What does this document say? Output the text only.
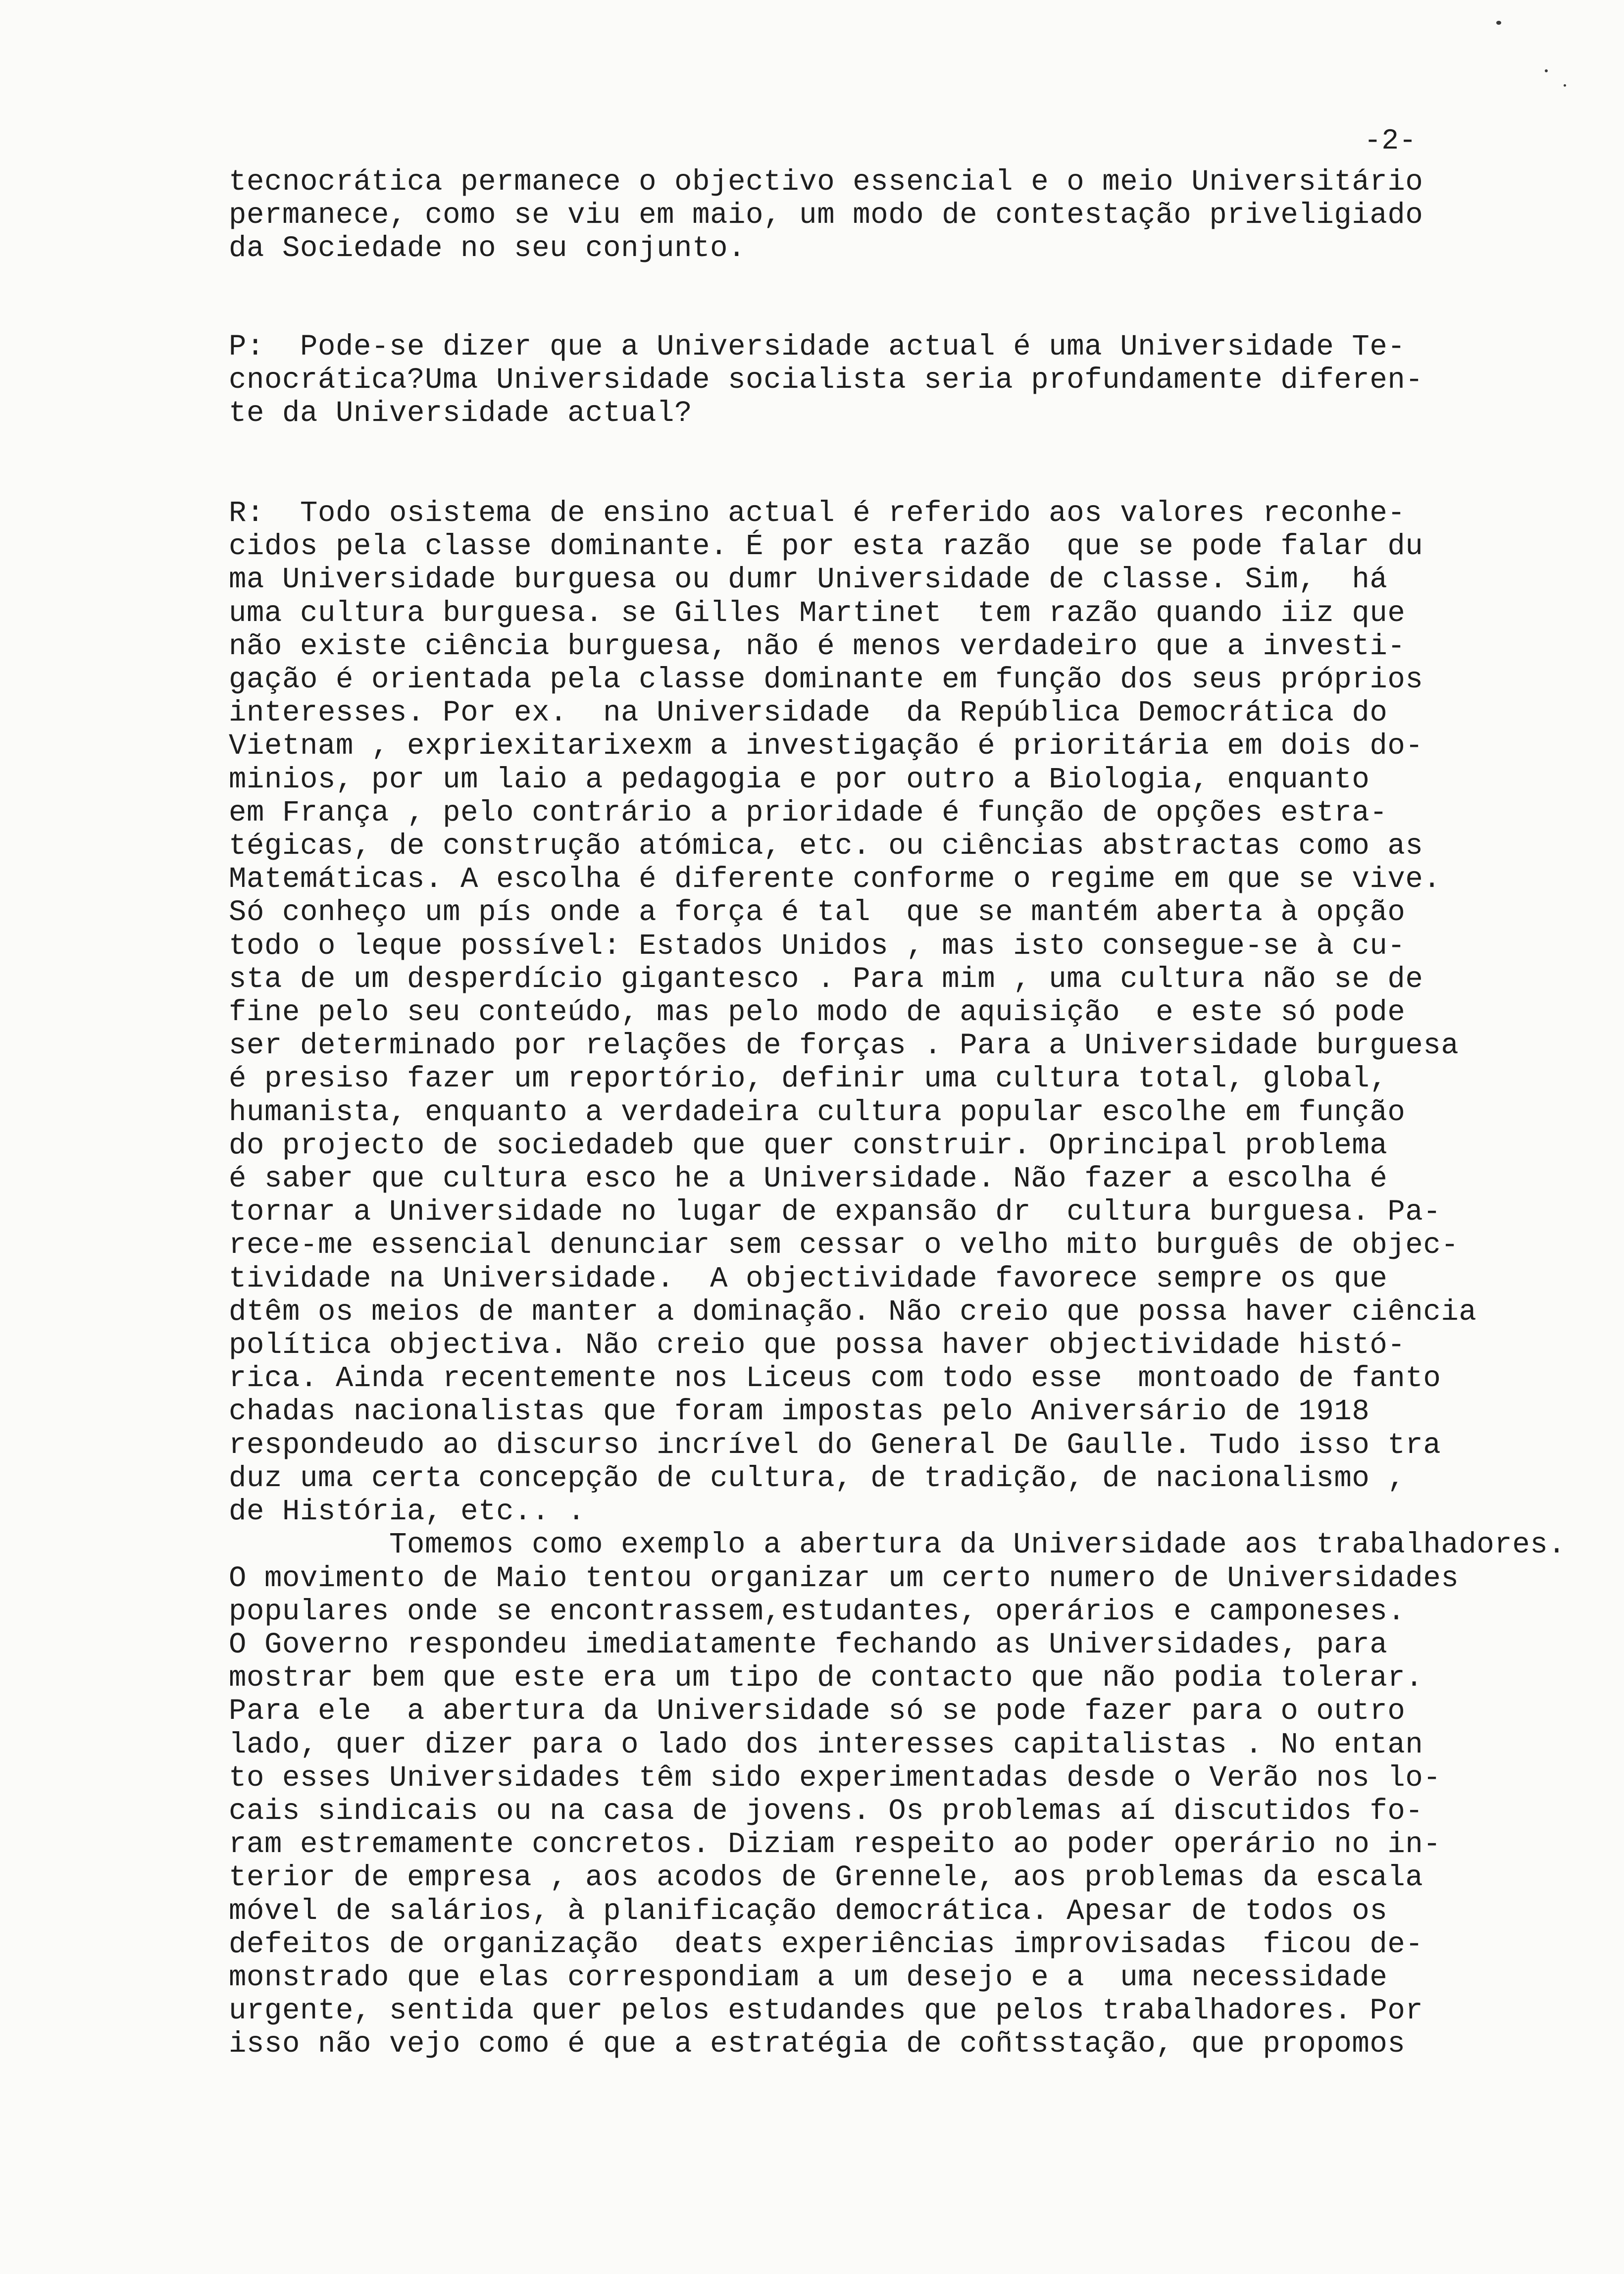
-2-
tecnocrática permanece o objectivo essencial e o meio Universitário
permanece, como se viu em maio, um modo de contestação priveligiado
da Sociedade no seu conjunto.
P:  Pode-se dizer que a Universidade actual é uma Universidade Te-
cnocrática?Uma Universidade socialista seria profundamente diferen-
te da Universidade actual?
R:  Todo osistema de ensino actual é referido aos valores reconhe-
cidos pela classe dominante. É por esta razão  que se pode falar du
ma Universidade burguesa ou dumr Universidade de classe. Sim,  há
uma cultura burguesa. se Gilles Martinet  tem razão quando iiz que
não existe ciência burguesa, não é menos verdadeiro que a investi-
gação é orientada pela classe dominante em função dos seus próprios
interesses. Por ex.  na Universidade  da República Democrática do
Vietnam , expriexitarixexm a investigação é prioritária em dois do-
minios, por um laio a pedagogia e por outro a Biologia, enquanto
em França , pelo contrário a prioridade é função de opções estra-
tégicas, de construção atómica, etc. ou ciências abstractas como as
Matemáticas. A escolha é diferente conforme o regime em que se vive.
Só conheço um pís onde a força é tal  que se mantém aberta à opção
todo o leque possível: Estados Unidos , mas isto consegue-se à cu-
sta de um desperdício gigantesco . Para mim , uma cultura não se de
fine pelo seu conteúdo, mas pelo modo de aquisição  e este só pode
ser determinado por relações de forças . Para a Universidade burguesa
é presiso fazer um reportório, definir uma cultura total, global,
humanista, enquanto a verdadeira cultura popular escolhe em função
do projecto de sociedadeb que quer construir. Oprincipal problema
é saber que cultura esco he a Universidade. Não fazer a escolha é
tornar a Universidade no lugar de expansão dr  cultura burguesa. Pa-
rece-me essencial denunciar sem cessar o velho mito burguês de objec-
tividade na Universidade.  A objectividade favorece sempre os que
dtêm os meios de manter a dominação. Não creio que possa haver ciência
política objectiva. Não creio que possa haver objectividade histó-
rica. Ainda recentemente nos Liceus com todo esse  montoado de fanto
chadas nacionalistas que foram impostas pelo Aniversário de 1918
respondeudo ao discurso incrível do General De Gaulle. Tudo isso tra
duz uma certa concepção de cultura, de tradição, de nacionalismo ,
de História, etc.. .
Tomemos como exemplo a abertura da Universidade aos trabalhadores.
O movimento de Maio tentou organizar um certo numero de Universidades
populares onde se encontrassem,estudantes, operários e camponeses.
O Governo respondeu imediatamente fechando as Universidades, para
mostrar bem que este era um tipo de contacto que não podia tolerar.
Para ele  a abertura da Universidade só se pode fazer para o outro
lado, quer dizer para o lado dos interesses capitalistas . No entan
to esses Universidades têm sido experimentadas desde o Verão nos lo-
cais sindicais ou na casa de jovens. Os problemas aí discutidos fo-
ram estremamente concretos. Diziam respeito ao poder operário no in-
terior de empresa , aos acodos de Grennele, aos problemas da escala
móvel de salários, à planificação democrática. Apesar de todos os
defeitos de organização  deats experiências improvisadas  ficou de-
monstrado que elas correspondiam a um desejo e a  uma necessidade
urgente, sentida quer pelos estudandes que pelos trabalhadores. Por
isso não vejo como é que a estratégia de coñtsstação, que propomos
